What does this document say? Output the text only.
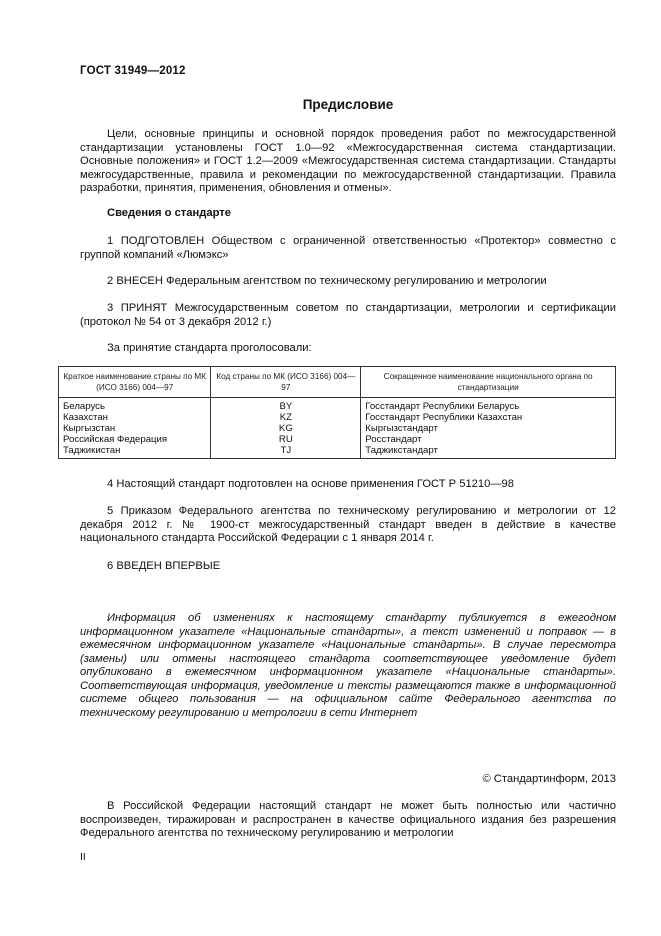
ГОСТ 31949—2012
Предисловие

Цели, основные принципы и основной порядок проведения работ по межгосударственной стандартизации установлены ГОСТ 1.0—92 «Межгосударственная система стандартизации. Основные положения» и ГОСТ 1.2—2009 «Межгосударственная система стандартизации. Стандарты межгосударственные, правила и рекомендации по межгосударственной стандартизации. Правила разработки, принятия, применения, обновления и отмены».

Сведения о стандарте

1 ПОДГОТОВЛЕН Обществом с ограниченной ответственностью «Протектор» совместно с группой компаний «Люмэкс»

2 ВНЕСЕН Федеральным агентством по техническому регулированию и метрологии

3 ПРИНЯТ Межгосударственным советом по стандартизации, метрологии и сертификации (протокол № 54 от 3 декабря 2012 г.)

За принятие стандарта проголосовали:
Краткое наименование страны по МК (ИСО 3166) 004—97	Код страны по МК (ИСО 3166) 004—97	Сокращенное наименование национального органа по стандартизации
Беларусь	BY	Госстандарт Республики Беларусь
Казахстан	KZ	Госстандарт Республики Казахстан
Кыргызстан	KG	Кыргызстандарт
Российская Федерация	RU	Росстандарт
Таджикистан	TJ	Таджикстандарт

4 Настоящий стандарт подготовлен на основе применения ГОСТ Р 51210—98

5 Приказом Федерального агентства по техническому регулированию и метрологии от 12 декабря 2012 г. № 1900-ст межгосударственный стандарт введен в действие в качестве национального стандарта Российской Федерации с 1 января 2014 г.

6 ВВЕДЕН ВПЕРВЫЕ

Информация об изменениях к настоящему стандарту публикуется в ежегодном информационном указателе «Национальные стандарты», а текст изменений и поправок — в ежемесячном информационном указателе «Национальные стандарты». В случае пересмотра (замены) или отмены настоящего стандарта соответствующее уведомление будет опубликовано в ежемесячном информационном указателе «Национальные стандарты». Соответствующая информация, уведомление и тексты размещаются также в информационной системе общего пользования — на официальном сайте Федерального агентства по техническому регулированию и метрологии в сети Интернет

© Стандартинформ, 2013

В Российской Федерации настоящий стандарт не может быть полностью или частично воспроизведен, тиражирован и распространен в качестве официального издания без разрешения Федерального агентства по техническому регулированию и метрологии

II
